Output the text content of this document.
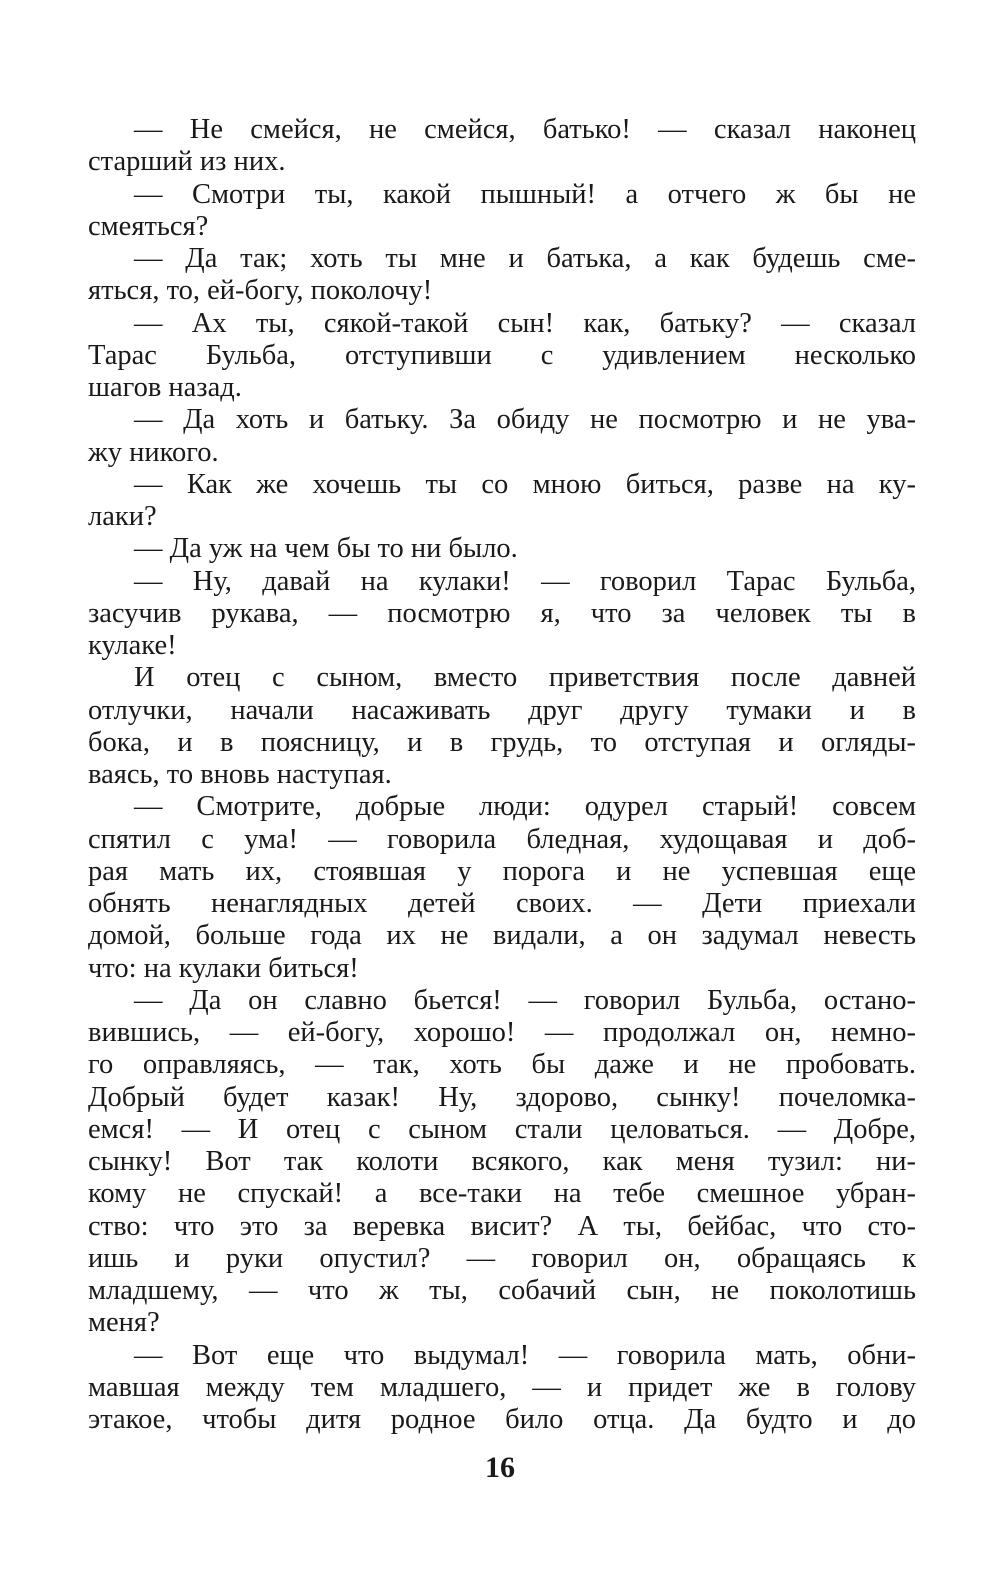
— Не смейся, не смейся, батько! — сказал наконец
старший из них.
— Смотри ты, какой пышный! а отчего ж бы не
смеяться?
— Да так; хоть ты мне и батька, а как будешь сме-
яться, то, ей-богу, поколочу!
— Ах ты, сякой-такой сын! как, батьку? — сказал
Тарас Бульба, отступивши с удивлением несколько
шагов назад.
— Да хоть и батьку. За обиду не посмотрю и не ува-
жу никого.
— Как же хочешь ты со мною биться, разве на ку-
лаки?
— Да уж на чем бы то ни было.
— Ну, давай на кулаки! — говорил Тарас Бульба,
засучив рукава, — посмотрю я, что за человек ты в
кулаке!
И отец с сыном, вместо приветствия после давней
отлучки, начали насаживать друг другу тумаки и в
бока, и в поясницу, и в грудь, то отступая и огляды-
ваясь, то вновь наступая.
— Смотрите, добрые люди: одурел старый! совсем
спятил с ума! — говорила бледная, худощавая и доб-
рая мать их, стоявшая у порога и не успевшая еще
обнять ненаглядных детей своих. — Дети приехали
домой, больше года их не видали, а он задумал невесть
что: на кулаки биться!
— Да он славно бьется! — говорил Бульба, остано-
вившись, — ей-богу, хорошо! — продолжал он, немно-
го оправляясь, — так, хоть бы даже и не пробовать.
Добрый будет казак! Ну, здорово, сынку! почеломка-
емся! — И отец с сыном стали целоваться. — Добре,
сынку! Вот так колоти всякого, как меня тузил: ни-
кому не спускай! а все-таки на тебе смешное убран-
ство: что это за веревка висит? А ты, бейбас, что сто-
ишь и руки опустил? — говорил он, обращаясь к
младшему, — что ж ты, собачий сын, не поколотишь
меня?
— Вот еще что выдумал! — говорила мать, обни-
мавшая между тем младшего, — и придет же в голову
этакое, чтобы дитя родное било отца. Да будто и до
16
